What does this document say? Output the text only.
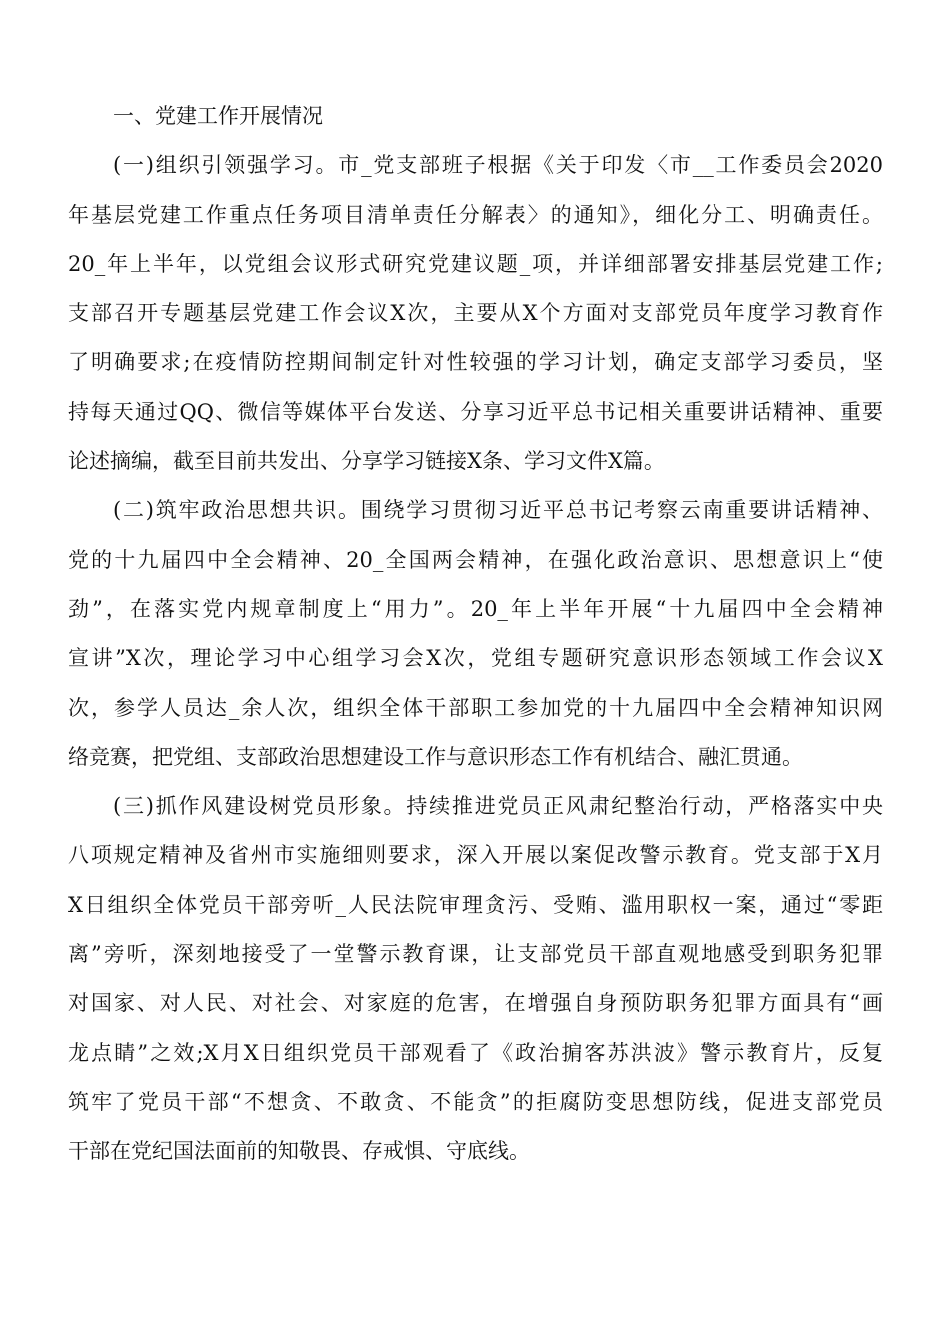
一、党建工作开展情况
(一)组织引领强学习。市_党支部班子根据《关于印发〈市__工作委员会2020
年基层党建工作重点任务项目清单责任分解表〉的通知》，细化分工、明确责任。
20_年上半年，以党组会议形式研究党建议题_项，并详细部署安排基层党建工作;
支部召开专题基层党建工作会议X次，主要从X个方面对支部党员年度学习教育作
了明确要求;在疫情防控期间制定针对性较强的学习计划，确定支部学习委员，坚
持每天通过QQ、微信等媒体平台发送、分享习近平总书记相关重要讲话精神、重要
论述摘编，截至目前共发出、分享学习链接X条、学习文件X篇。
(二)筑牢政治思想共识。围绕学习贯彻习近平总书记考察云南重要讲话精神、
党的十九届四中全会精神、20_全国两会精神，在强化政治意识、思想意识上“使
劲”，在落实党内规章制度上“用力”。20_年上半年开展“十九届四中全会精神
宣讲”X次，理论学习中心组学习会X次，党组专题研究意识形态领域工作会议X
次，参学人员达_余人次，组织全体干部职工参加党的十九届四中全会精神知识网
络竞赛，把党组、支部政治思想建设工作与意识形态工作有机结合、融汇贯通。
(三)抓作风建设树党员形象。持续推进党员正风肃纪整治行动，严格落实中央
八项规定精神及省州市实施细则要求，深入开展以案促改警示教育。党支部于X月
X日组织全体党员干部旁听_人民法院审理贪污、受贿、滥用职权一案，通过“零距
离”旁听，深刻地接受了一堂警示教育课，让支部党员干部直观地感受到职务犯罪
对国家、对人民、对社会、对家庭的危害，在增强自身预防职务犯罪方面具有“画
龙点睛”之效;X月X日组织党员干部观看了《政治掮客苏洪波》警示教育片，反复
筑牢了党员干部“不想贪、不敢贪、不能贪”的拒腐防变思想防线，促进支部党员
干部在党纪国法面前的知敬畏、存戒惧、守底线。
